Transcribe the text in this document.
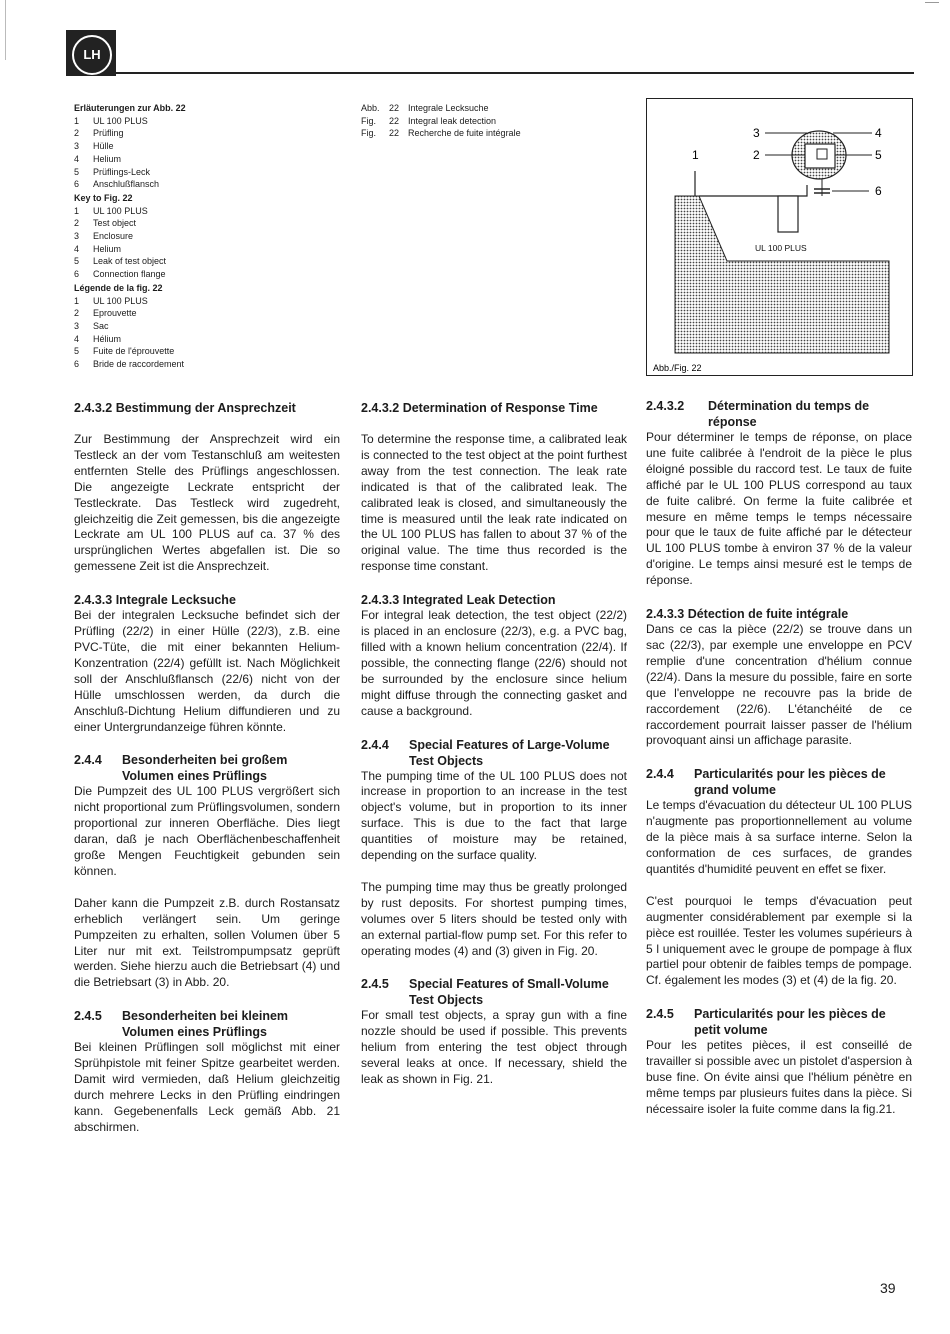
LH
Erläuterungen zur Abb. 22
1	UL 100 PLUS
2	Prüfling
3	Hülle
4	Helium
5	Prüflings-Leck
6	Anschlußflansch
Key to Fig. 22
1	UL 100 PLUS
2	Test object
3	Enclosure
4	Helium
5	Leak of test object
6	Connection flange
Légende de la fig. 22
1	UL 100 PLUS
2	Eprouvette
3	Sac
4	Hélium
5	Fuite de l'éprouvette
6	Bride de raccordement
Abb.	22 Integrale Lecksuche
Fig.	22 Integral leak detection
Fig.	22 Recherche de fuite intégrale
1	2
3	4
5
6
UL 100 PLUS
Abb./Fig. 22
2.4.3.2 Bestimmung der Ansprechzeit

Zur Bestimmung der Ansprechzeit wird ein Testleck an der vom Testanschluß am weitesten entfernten Stelle des Prüflings angeschlossen. Die angezeigte Leckrate entspricht der Testleckrate. Das Testleck wird zugedreht, gleichzeitig die Zeit gemessen, bis die angezeigte Leckrate am UL 100 PLUS auf ca. 37 % des ursprünglichen Wertes abgefallen ist. Die so gemessene Zeit ist die Ansprechzeit.

2.4.3.3 Integrale Lecksuche

Bei der integralen Lecksuche befindet sich der Prüfling (22/2) in einer Hülle (22/3), z.B. eine PVC-Tüte, die mit einer bekannten Helium-Konzentration (22/4) gefüllt ist. Nach Möglichkeit soll der Anschlußflansch (22/6) nicht von der Hülle umschlossen werden, da durch die Anschluß-Dichtung Helium diffundieren und zu einer Untergrundanzeige führen könnte.

2.4.4	Besonderheiten bei großem Volumen eines Prüflings

Die Pumpzeit des UL 100 PLUS vergrößert sich nicht proportional zum Prüflingsvolumen, sondern proportional zur inneren Oberfläche. Dies liegt daran, daß je nach Oberflächenbeschaffenheit große Mengen Feuchtigkeit gebunden sein können.

Daher kann die Pumpzeit z.B. durch Rostansatz erheblich verlängert sein. Um geringe Pumpzeiten zu erhalten, sollen Volumen über 5 Liter nur mit ext. Teilstrompumpsatz geprüft werden. Siehe hierzu auch die Betriebsart (4) und die Betriebsart (3) in Abb. 20.

2.4.5	Besonderheiten bei kleinem Volumen eines Prüflings

Bei kleinen Prüflingen soll möglichst mit einer Sprühpistole mit feiner Spitze gearbeitet werden. Damit wird vermieden, daß Helium gleichzeitig durch mehrere Lecks in den Prüfling eindringen kann. Gegebenenfalls Leck gemäß Abb. 21 abschirmen.

2.4.3.2 Determination of Response Time

To determine the response time, a calibrated leak is connected to the test object at the point furthest away from the test connection. The leak rate indicated is that of the calibrated leak. The calibrated leak is closed, and simultaneously the time is measured until the leak rate indicated on the UL 100 PLUS has fallen to about 37 % of the original value. The time thus recorded is the response time constant.

2.4.3.3 Integrated Leak Detection

For integral leak detection, the test object (22/2) is placed in an enclosure (22/3), e.g. a PVC bag, filled with a known helium concentration (22/4). If possible, the connecting flange (22/6) should not be surrounded by the enclosure since helium might diffuse through the connecting gasket and cause a background.

2.4.4	Special Features of Large-Volume Test Objects

The pumping time of the UL 100 PLUS does not increase in proportion to an increase in the test object's volume, but in proportion to its inner surface. This is due to the fact that large quantities of moisture may be retained, depending on the surface quality.

The pumping time may thus be greatly prolonged by rust deposits. For shortest pumping times, volumes over 5 liters should be tested only with an external partial-flow pump set. For this refer to operating modes (4) and (3) given in Fig. 20.

2.4.5	Special Features of Small-Volume Test Objects

For small test objects, a spray gun with a fine nozzle should be used if possible. This prevents helium from entering the test object through several leaks at once. If necessary, shield the leak as shown in Fig. 21.

2.4.3.2	Détermination du temps de réponse

Pour déterminer le temps de réponse, on place une fuite calibrée à l'endroit de la pièce le plus éloigné possible du raccord test. Le taux de fuite affiché par le UL 100 PLUS correspond au taux de fuite calibré. On ferme la fuite calibrée et mesure en même temps le temps nécessaire pour que le taux de fuite affiché par le détecteur UL 100 PLUS tombe à environ 37 % de la valeur d'origine. Le temps ainsi mesuré est le temps de réponse.

2.4.3.3 Détection de fuite intégrale

Dans ce cas la pièce (22/2) se trouve dans un sac (22/3), par exemple une enveloppe en PCV remplie d'une concentration d'hélium connue (22/4). Dans la mesure du possible, faire en sorte que l'enveloppe ne recouvre pas la bride de raccordement (22/6). L'étanchéité de ce raccordement pourrait laisser passer de l'hélium provoquant ainsi un affichage parasite.

2.4.4	Particularités pour les pièces de grand volume

Le temps d'évacuation du détecteur UL 100 PLUS n'augmente pas proportionnellement au volume de la pièce mais à sa surface interne. Selon la conformation de ces surfaces, de grandes quantités d'humidité peuvent en effet se fixer.

C'est pourquoi le temps d'évacuation peut augmenter considérablement par exemple si la pièce est rouillée. Tester les volumes supérieurs à 5 l uniquement avec le groupe de pompage à flux partiel pour obtenir de faibles temps de pompage. Cf. également les modes (3) et (4) de la fig. 20.

2.4.5	Particularités pour les pièces de petit volume

Pour les petites pièces, il est conseillé de travailler si possible avec un pistolet d'aspersion à buse fine. On évite ainsi que l'hélium pénètre en même temps par plusieurs fuites dans la pièce. Si nécessaire isoler la fuite comme dans la fig.21.

39
